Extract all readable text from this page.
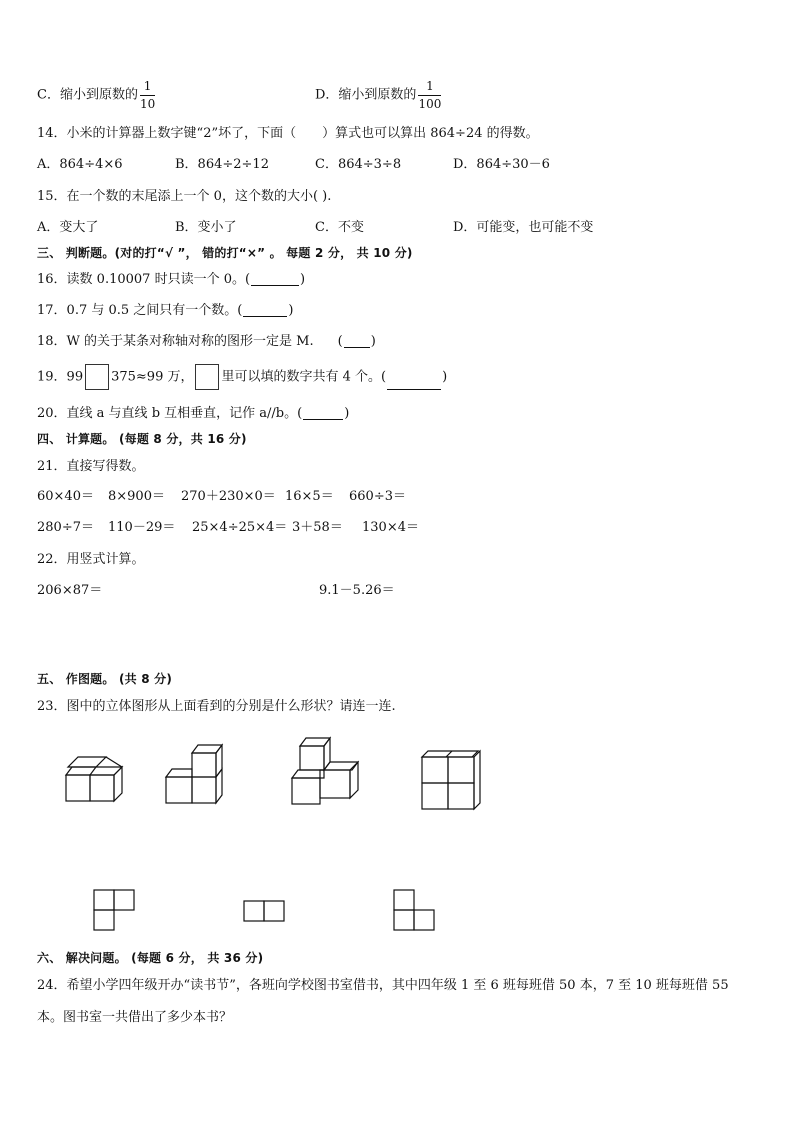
C．缩小到原数的 $\frac{1}{10}$	D．缩小到原数的 $\frac{1}{100}$
14．小米的计算器上数字键“2”坏了，下面（ ）算式也可以算出 864÷24 的得数。
A．864÷4×6	B．864÷2÷12	C．864÷3÷8	D．864÷30－6
15．在一个数的末尾添上一个 0，这个数的大小( ).
A．变大了	B．变小了	C．不变	D．可能变，也可能不变
三、 判断题。(对的打“√ ”， 错的打“×” 。 每题 2 分， 共 10 分)
16．读数 0.10007 时只读一个 0。(	)
17．0.7 与 0.5 之间只有一个数。(	)
18．W 的关于某条对称轴对称的图形一定是 M. ( )
19．99 375≈99 万， 里可以填的数字共有 4 个。(	)
20．直线 a 与直线 b 互相垂直，记作 a//b。(	)
四、 计算题。 (每题 8 分，共 16 分)
21．直接写得数。
60×40＝ 8×900＝ 270＋230×0＝ 16×5＝ 660÷3＝
280÷7＝ 110－29＝ 25×4÷25×4＝ 3＋58＝ 130×4＝
22．用竖式计算。
206×87＝	9.1－5.26＝
五、 作图题。 (共 8 分)
23．图中的立体图形从上面看到的分别是什么形状？请连一连.
六、 解决问题。 (每题 6 分， 共 36 分)
24．希望小学四年级开办“读书节”，各班向学校图书室借书，其中四年级 1 至 6 班每班借 50 本，7 至 10 班每班借 55
本。图书室一共借出了多少本书？
